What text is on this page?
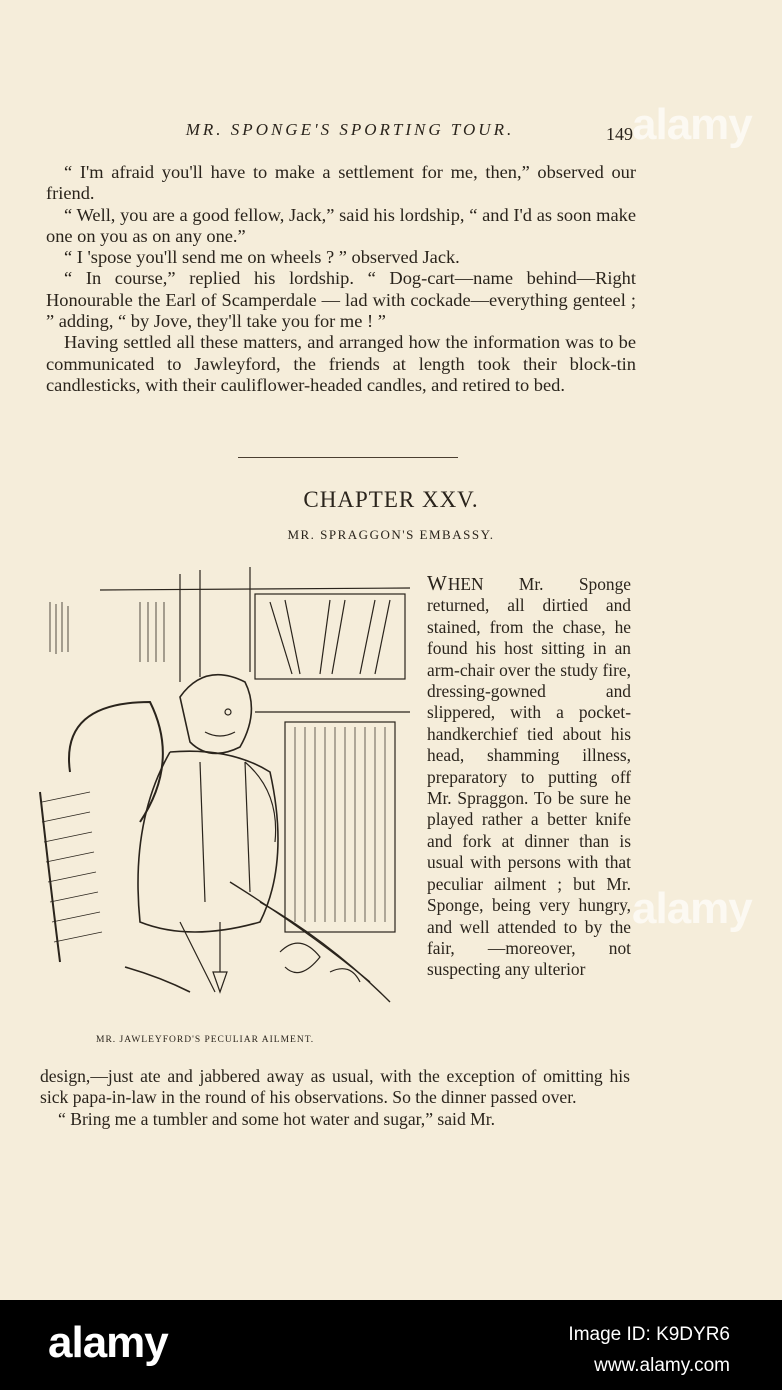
MR. SPONGE'S SPORTING TOUR.	149

“ I'm afraid you'll have to make a settlement for me, then,” observed our friend.

“ Well, you are a good fellow, Jack,” said his lordship, “ and I'd as soon make one on you as on any one.”

“ I 'spose you'll send me on wheels ? ” observed Jack.

“ In course,” replied his lordship. “ Dog-cart—name behind—Right Honourable the Earl of Scamperdale — lad with cockade—everything genteel ; ” adding, “ by Jove, they'll take you for me ! ”

Having settled all these matters, and arranged how the information was to be communicated to Jawleyford, the friends at length took their block-tin candlesticks, with their cauliflower-headed candles, and retired to bed.

CHAPTER XXV.
MR. SPRAGGON'S EMBASSY.
MR. JAWLEYFORD'S PECULIAR AILMENT.

WHEN Mr. Sponge returned, all dirtied and stained, from the chase, he found his host sitting in an arm-chair over the study fire, dressing-gowned and slippered, with a pocket-handkerchief tied about his head, shamming illness, preparatory to putting off Mr. Spraggon. To be sure he played rather a better knife and fork at dinner than is usual with persons with that peculiar ailment ; but Mr. Sponge, being very hungry, and well attended to by the fair, —moreover, not suspecting any ulterior

design,—just ate and jabbered away as usual, with the exception of omitting his sick papa-in-law in the round of his observations. So the dinner passed over.

“ Bring me a tumbler and some hot water and sugar,” said Mr.

alamy
alamy
alamy	Image ID: K9DYR6
www.alamy.com
